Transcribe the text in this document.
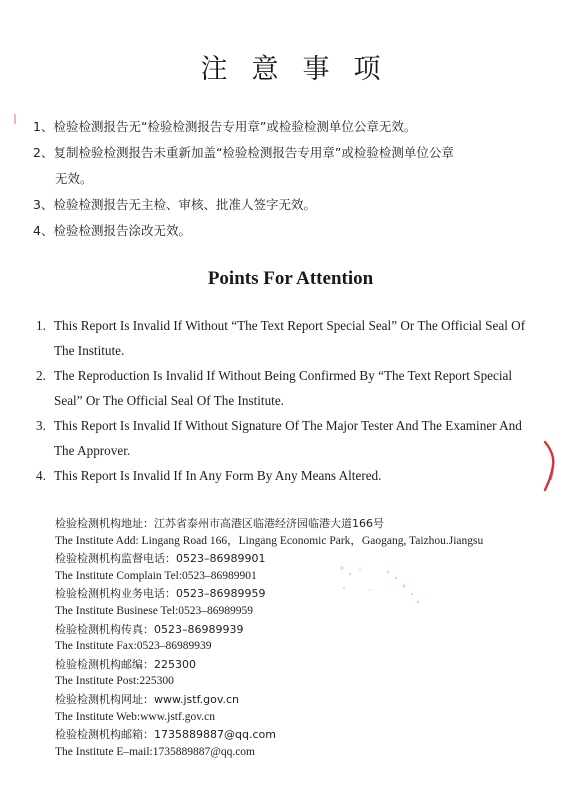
注意事项
1、检验检测报告无“检验检测报告专用章”或检验检测单位公章无效。
2、复制检验检测报告未重新加盖“检验检测报告专用章”或检验检测单位公章
无效。
3、检验检测报告无主检、审核、批准人签字无效。
4、检验检测报告涂改无效。
Points For Attention
1. This Report Is Invalid If Without “The Text Report Special Seal” Or The Official Seal Of The Institute.
2. The Reproduction Is Invalid If Without Being Confirmed By “The Text Report Special Seal” Or The Official Seal Of The Institute.
3. This Report Is Invalid If Without Signature Of The Major Tester And The Examiner And The Approver.
4. This Report Is Invalid If In Any Form By Any Means Altered.
检验检测机构地址：江苏省泰州市高港区临港经济园临港大道166号
The Institute Add: Lingang Road 166，Lingang Economic Park，Gaogang, Taizhou.Jiangsu
检验检测机构监督电话：0523–86989901
The Institute Complain Tel:0523–86989901
检验检测机构业务电话：0523–86989959
The Institute Businese Tel:0523–86989959
检验检测机构传真：0523–86989939
The Institute Fax:0523–86989939
检验检测机构邮编：225300
The Institute Post:225300
检验检测机构网址：www.jstf.gov.cn
The Institute Web:www.jstf.gov.cn
检验检测机构邮箱：1735889887@qq.com
The Institute E–mail:1735889887@qq.com
